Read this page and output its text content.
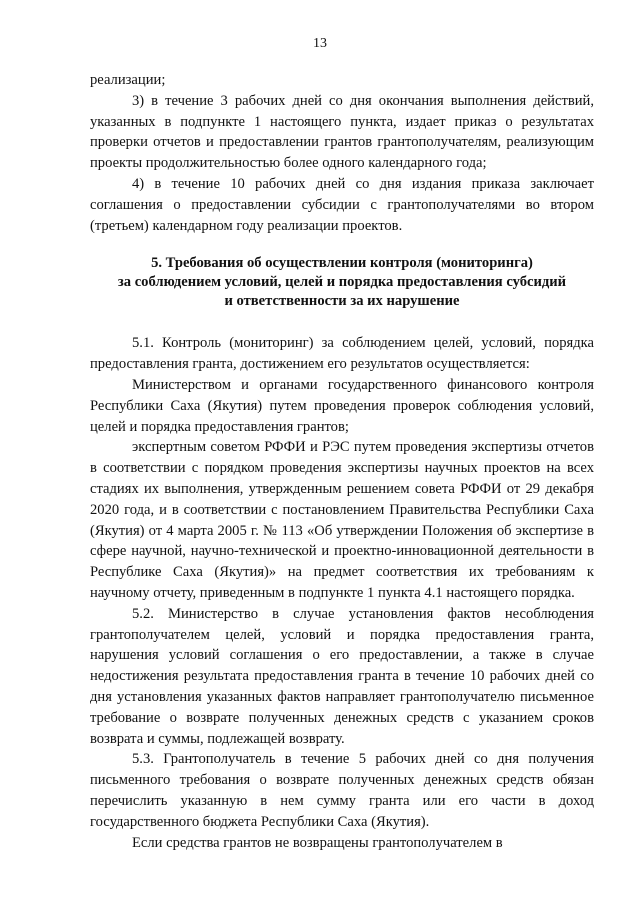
13

реализации;

3) в течение 3 рабочих дней со дня окончания выполнения действий, указанных в подпункте 1 настоящего пункта, издает приказ о результатах проверки отчетов и предоставлении грантов грантополучателям, реализующим проекты продолжительностью более одного календарного года;

4) в течение 10 рабочих дней со дня издания приказа заключает соглашения о предоставлении субсидии с грантополучателями во втором (третьем) календарном году реализации проектов.

5. Требования об осуществлении контроля (мониторинга)
за соблюдением условий, целей и порядка предоставления субсидий
и ответственности за их нарушение

5.1. Контроль (мониторинг) за соблюдением целей, условий, порядка предоставления гранта, достижением его результатов осуществляется:

Министерством и органами государственного финансового контроля Республики Саха (Якутия) путем проведения проверок соблюдения условий, целей и порядка предоставления грантов;

экспертным советом РФФИ и РЭС путем проведения экспертизы отчетов в соответствии с порядком проведения экспертизы научных проектов на всех стадиях их выполнения, утвержденным решением совета РФФИ от 29 декабря 2020 года, и в соответствии с постановлением Правительства Республики Саха (Якутия) от 4 марта 2005 г. № 113 «Об утверждении Положения об экспертизе в сфере научной, научно-технической и проектно-инновационной деятельности в Республике Саха (Якутия)» на предмет соответствия их требованиям к научному отчету, приведенным в подпункте 1 пункта 4.1 настоящего порядка.

5.2. Министерство в случае установления фактов несоблюдения грантополучателем целей, условий и порядка предоставления гранта, нарушения условий соглашения о его предоставлении, а также в случае недостижения результата предоставления гранта в течение 10 рабочих дней со дня установления указанных фактов направляет грантополучателю письменное требование о возврате полученных денежных средств с указанием сроков возврата и суммы, подлежащей возврату.

5.3. Грантополучатель в течение 5 рабочих дней со дня получения письменного требования о возврате полученных денежных средств обязан перечислить указанную в нем сумму гранта или его части в доход государственного бюджета Республики Саха (Якутия).

Если средства грантов не возвращены грантополучателем в
